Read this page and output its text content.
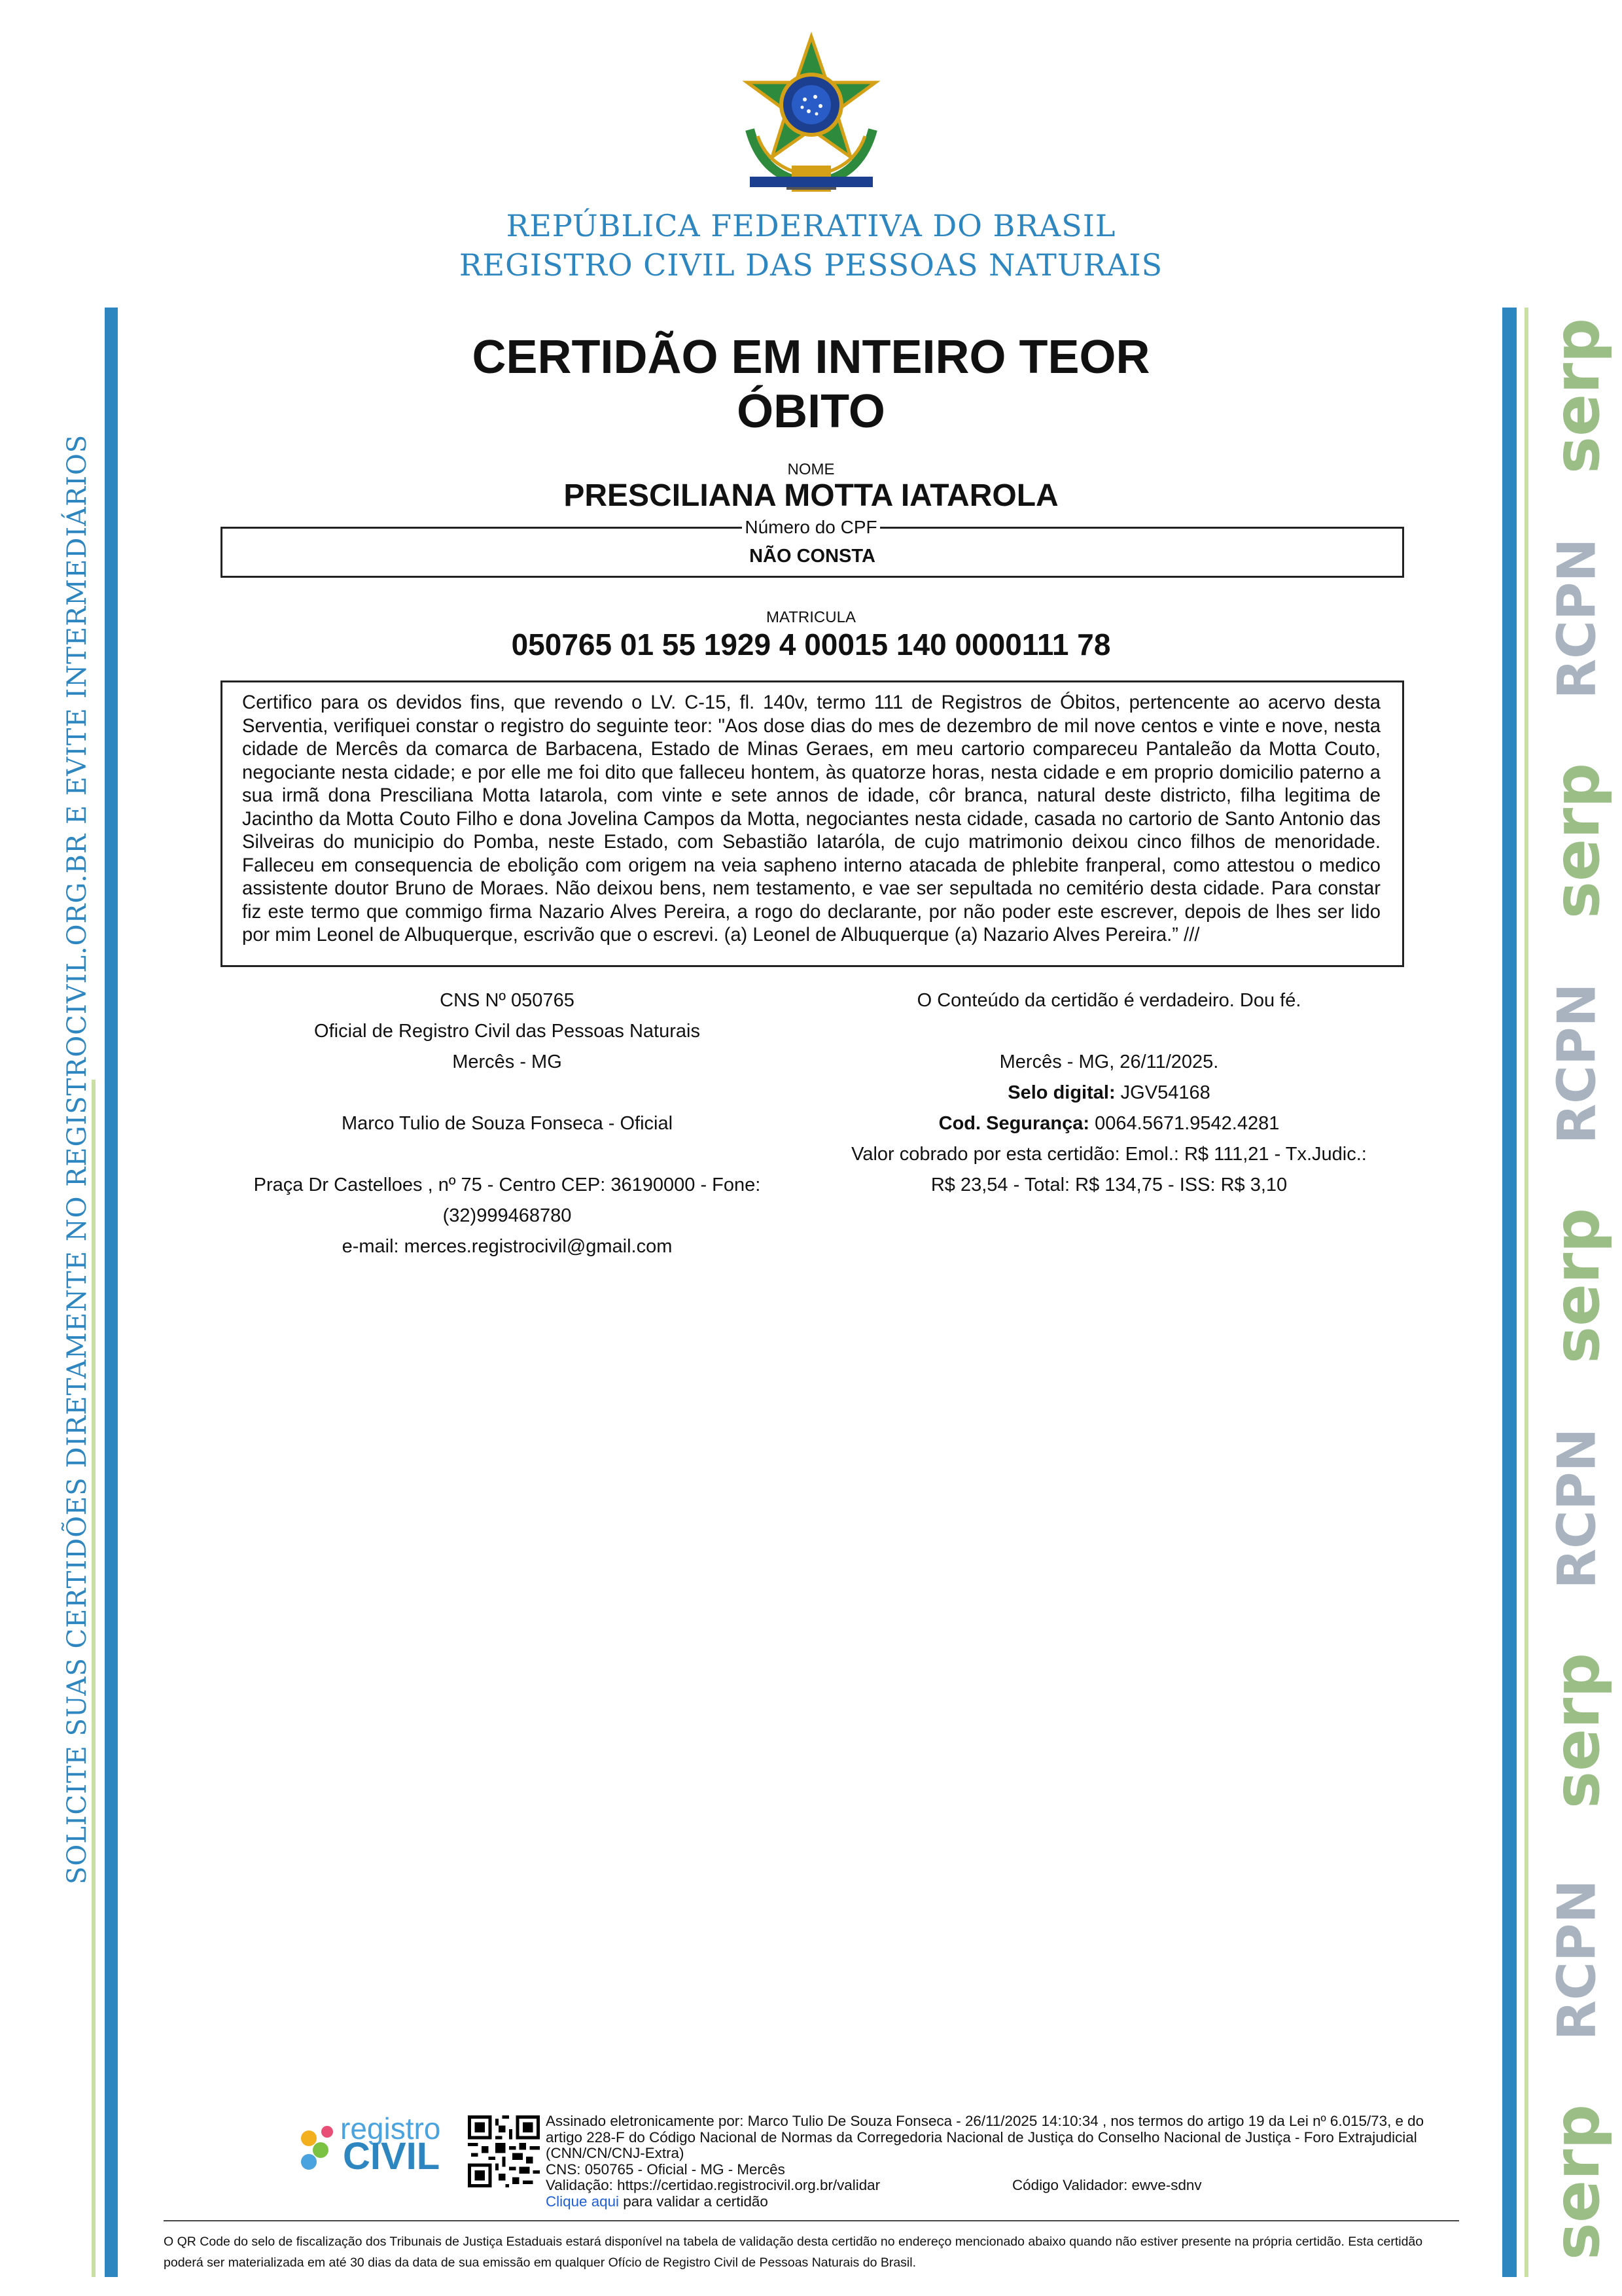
REPÚBLICA FEDERATIVA DO BRASIL
REGISTRO CIVIL DAS PESSOAS NATURAIS
SOLICITE SUAS CERTIDÕES DIRETAMENTE NO REGISTROCIVIL.ORG.BR E EVITE INTERMEDIÁRIOS
serp
RCPN
serp
RCPN
serp
RCPN
serp
RCPN
serp
CERTIDÃO EM INTEIRO TEOR
ÓBITO
NOME
PRESCILIANA MOTTA IATAROLA
Número do CPF
NÃO CONSTA
MATRICULA
050765 01 55 1929 4 00015 140 0000111 78
Certifico para os devidos fins, que revendo o LV. C-15, fl. 140v, termo 111 de Registros de Óbitos, pertencente ao acervo desta Serventia, verifiquei constar o registro do seguinte teor: "Aos dose dias do mes de dezembro de mil nove centos e vinte e nove, nesta cidade de Mercês da comarca de Barbacena, Estado de Minas Geraes, em meu cartorio compareceu Pantaleão da Motta Couto, negociante nesta cidade; e por elle me foi dito que falleceu hontem, às quatorze horas, nesta cidade e em proprio domicilio paterno a sua irmã dona Presciliana Motta Iatarola, com vinte e sete annos de idade, côr branca, natural deste districto, filha legitima de Jacintho da Motta Couto Filho e dona Jovelina Campos da Motta, negociantes nesta cidade, casada no cartorio de Santo Antonio das Silveiras do municipio do Pomba, neste Estado, com Sebastião Iataróla, de cujo matrimonio deixou cinco filhos de menoridade. Falleceu em consequencia de ebolição com origem na veia sapheno interno atacada de phlebite franperal, como attestou o medico assistente doutor Bruno de Moraes. Não deixou bens, nem testamento, e vae ser sepultada no cemitério desta cidade. Para constar fiz este termo que commigo firma Nazario Alves Pereira, a rogo do declarante, por não poder este escrever, depois de lhes ser lido por mim Leonel de Albuquerque, escrivão que o escrevi. (a) Leonel de Albuquerque (a) Nazario Alves Pereira.” ///
CNS Nº 050765
Oficial de Registro Civil das Pessoas Naturais
Mercês - MG
Marco Tulio de Souza Fonseca - Oficial
Praça Dr Castelloes , nº 75 - Centro CEP: 36190000 - Fone: (32)999468780
e-mail: merces.registrocivil@gmail.com
O Conteúdo da certidão é verdadeiro. Dou fé.
Mercês - MG, 26/11/2025.
Selo digital: JGV54168
Cod. Segurança: 0064.5671.9542.4281
Valor cobrado por esta certidão: Emol.: R$ 111,21 - Tx.Judic.: R$ 23,54 - Total: R$ 134,75 - ISS: R$ 3,10
registro
CIVIL
Assinado eletronicamente por: Marco Tulio De Souza Fonseca - 26/11/2025 14:10:34 , nos termos do artigo 19 da Lei nº 6.015/73, e do artigo 228-F do Código Nacional de Normas da Corregedoria Nacional de Justiça do Conselho Nacional de Justiça - Foro Extrajudicial (CNN/CN/CNJ-Extra)
CNS: 050765 - Oficial - MG - Mercês
Validação: https://certidao.registrocivil.org.br/validar	Código Validador: ewve-sdnv
Clique aqui para validar a certidão
O QR Code do selo de fiscalização dos Tribunais de Justiça Estaduais estará disponível na tabela de validação desta certidão no endereço mencionado abaixo quando não estiver presente na própria certidão. Esta certidão poderá ser materializada em até 30 dias da data de sua emissão em qualquer Ofício de Registro Civil de Pessoas Naturais do Brasil.
